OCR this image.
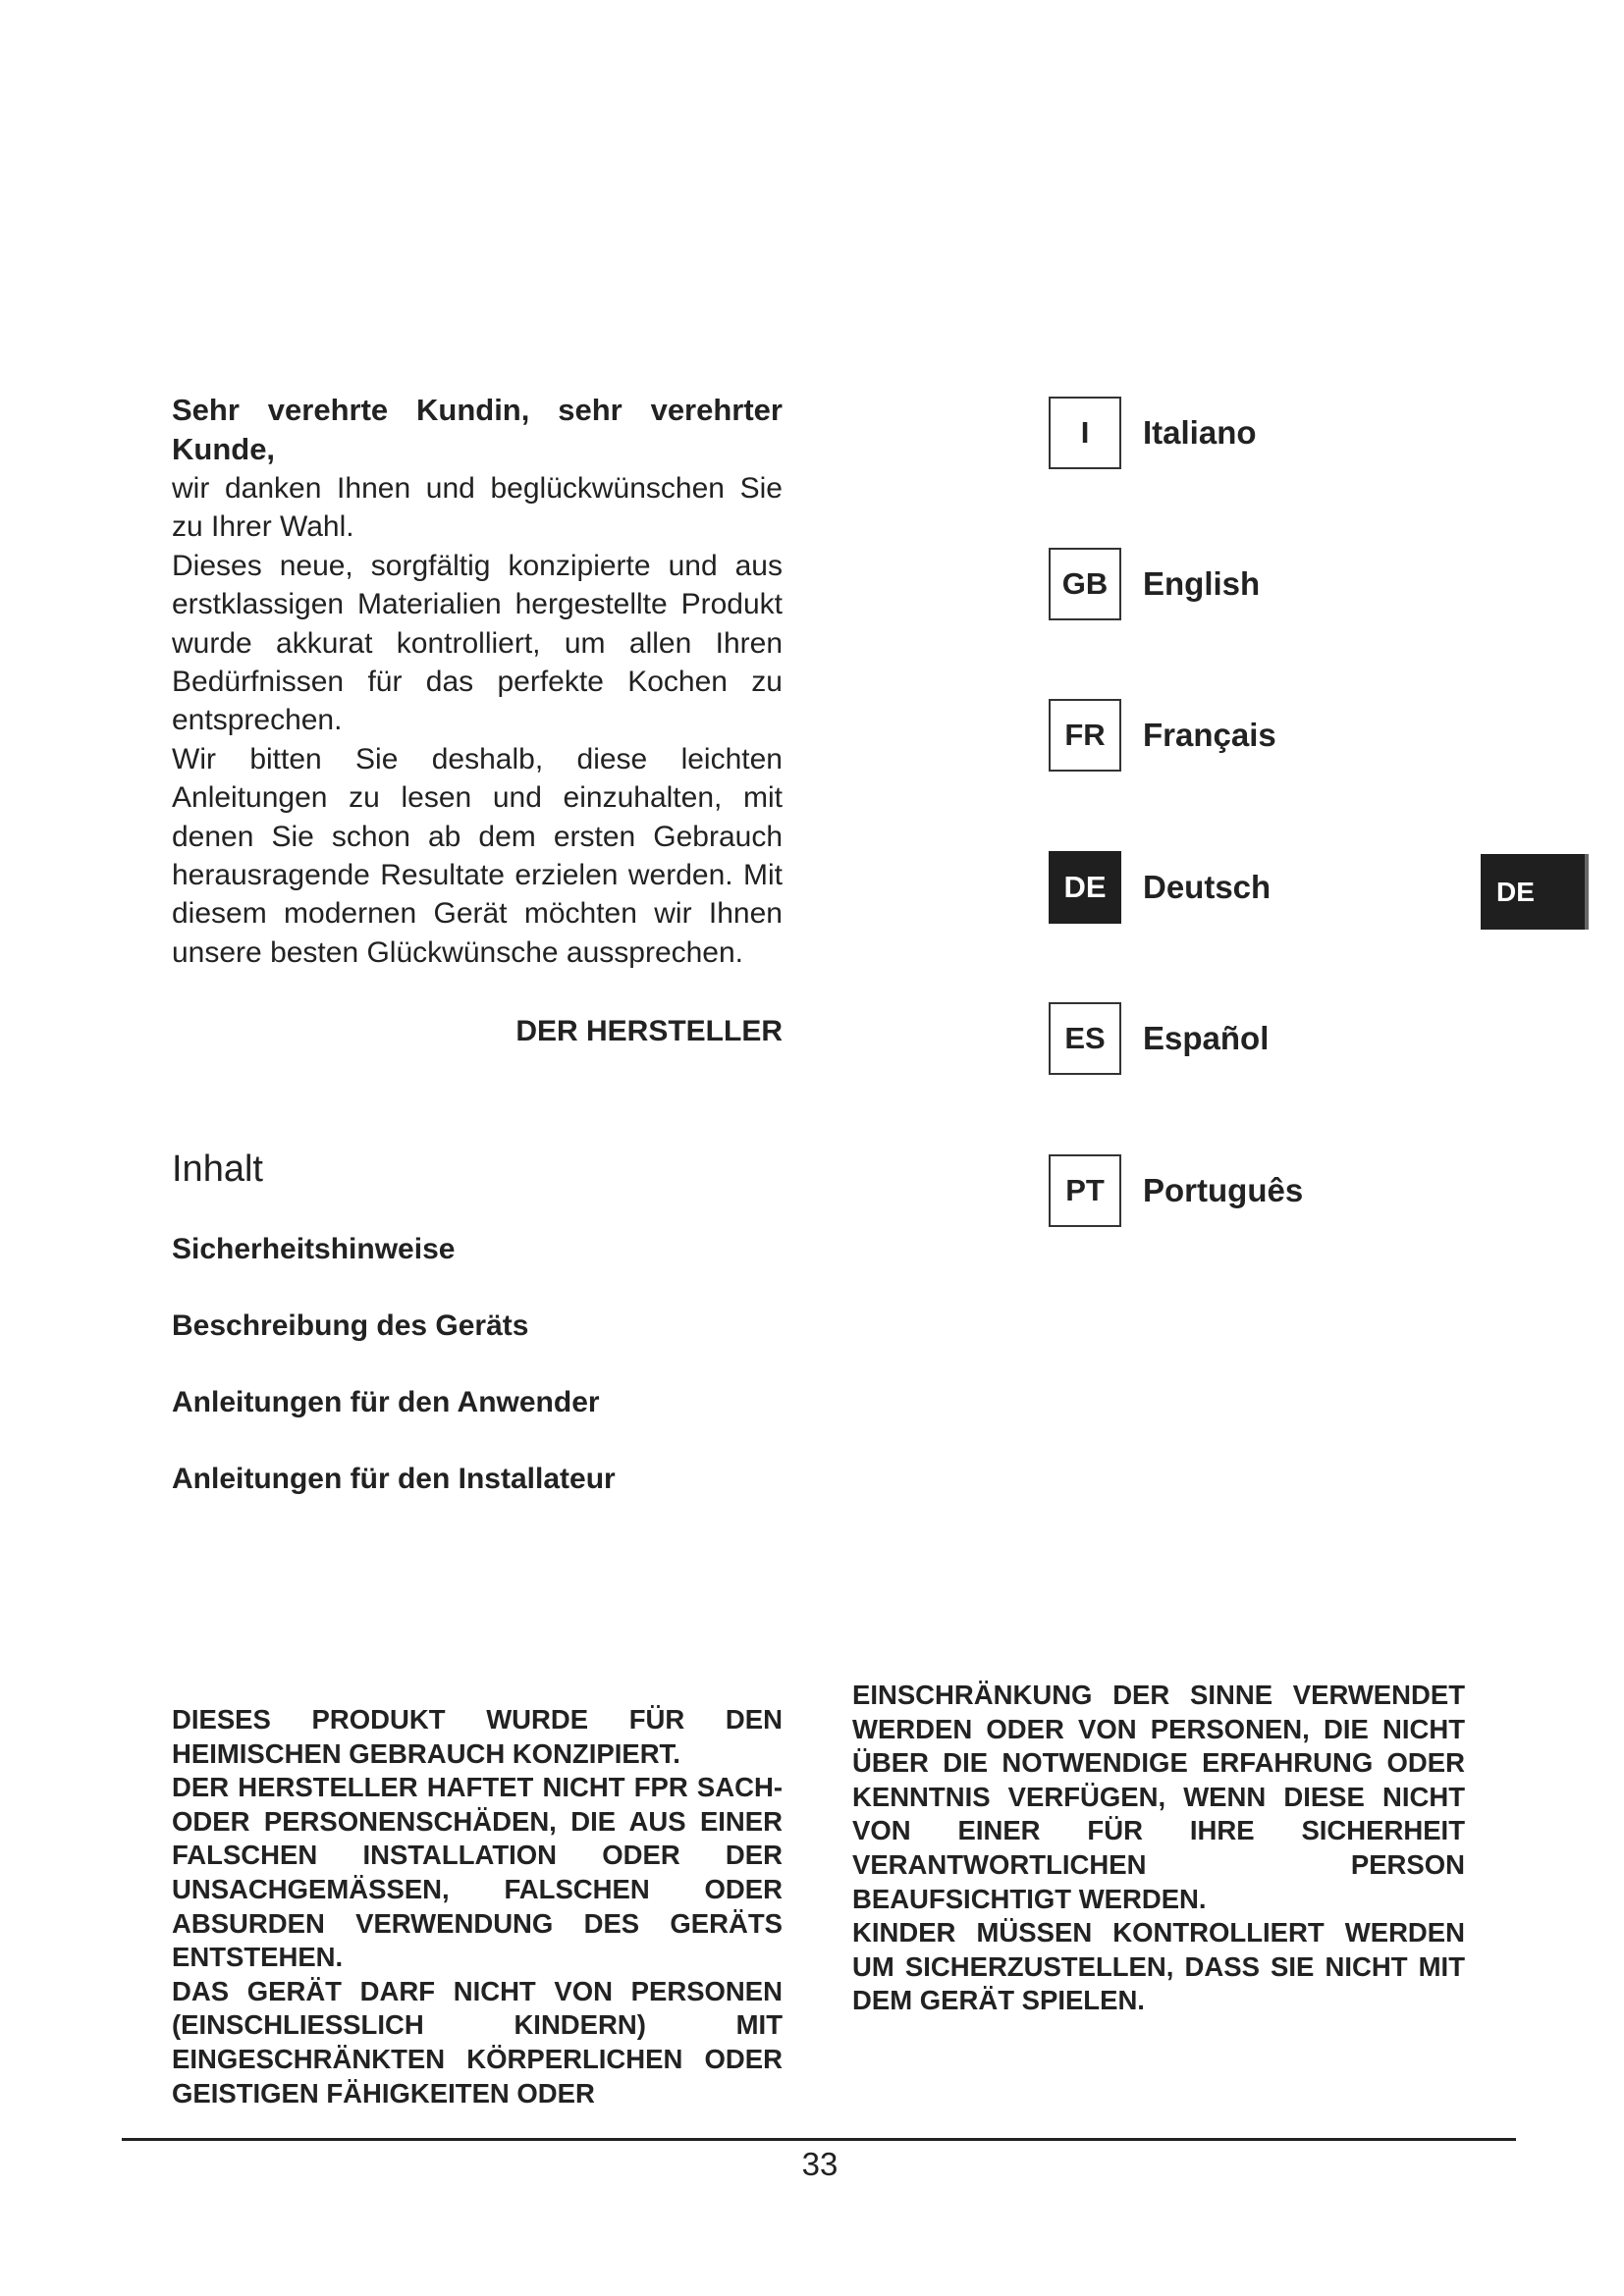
Sehr verehrte Kundin, sehr verehrter Kunde,
wir danken Ihnen und beglückwünschen Sie zu Ihrer Wahl.
Dieses neue, sorgfältig konzipierte und aus erstklassigen Materialien hergestellte Produkt wurde akkurat kontrolliert, um allen Ihren Bedürfnissen für das perfekte Kochen zu entsprechen.
Wir bitten Sie deshalb, diese leichten Anleitungen zu lesen und einzuhalten, mit denen Sie schon ab dem ersten Gebrauch herausragende Resultate erzielen werden. Mit diesem modernen Gerät möchten wir Ihnen unsere besten Glückwünsche aussprechen.
DER HERSTELLER
Inhalt
Sicherheitshinweise
Beschreibung des Geräts
Anleitungen für den Anwender
Anleitungen für den Installateur
I	Italiano
GB	English
FR	Français
DE	Deutsch
ES	Español
PT	Português
DE
DIESES PRODUKT WURDE FÜR DEN HEIMISCHEN GEBRAUCH KONZIPIERT.
DER HERSTELLER HAFTET NICHT FPR SACH- ODER PERSONENSCHÄDEN, DIE AUS EINER FALSCHEN INSTALLATION ODER DER UNSACHGEMÄSSEN, FALSCHEN ODER ABSURDEN VERWENDUNG DES GERÄTS ENTSTEHEN.
DAS GERÄT DARF NICHT VON PERSONEN (EINSCHLIESSLICH KINDERN) MIT EINGESCHRÄNKTEN KÖRPERLICHEN ODER GEISTIGEN FÄHIGKEITEN ODER
EINSCHRÄNKUNG DER SINNE VERWENDET WERDEN ODER VON PERSONEN, DIE NICHT ÜBER DIE NOTWENDIGE ERFAHRUNG ODER KENNTNIS VERFÜGEN, WENN DIESE NICHT VON EINER FÜR IHRE SICHERHEIT VERANTWORTLICHEN PERSON BEAUFSICHTIGT WERDEN.
KINDER MÜSSEN KONTROLLIERT WERDEN UM SICHERZUSTELLEN, DASS SIE NICHT MIT DEM GERÄT SPIELEN.
33
